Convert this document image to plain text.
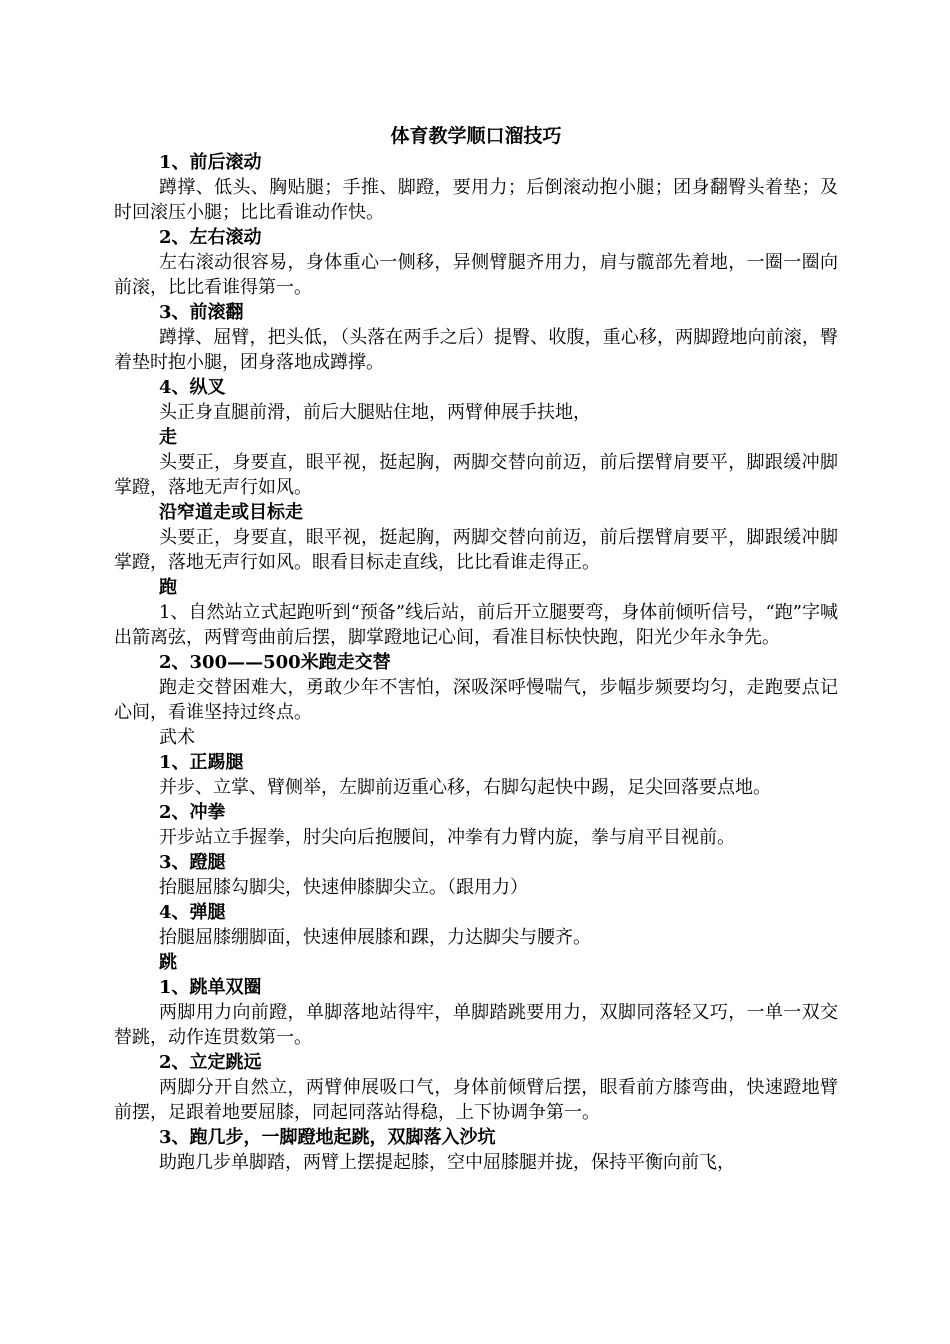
体育教学顺口溜技巧
1、前后滚动

蹲撑、低头、胸贴腿；手推、脚蹬，要用力；后倒滚动抱小腿；团身翻臀头着垫；及时回滚压小腿；比比看谁动作快。

2、左右滚动

左右滚动很容易，身体重心一侧移，异侧臂腿齐用力，肩与髋部先着地，一圈一圈向前滚，比比看谁得第一。

3、前滚翻

蹲撑、屈臂，把头低，（头落在两手之后）提臀、收腹，重心移，两脚蹬地向前滚，臀着垫时抱小腿，团身落地成蹲撑。

4、纵叉

头正身直腿前滑，前后大腿贴住地，两臂伸展手扶地，

走

头要正，身要直，眼平视，挺起胸，两脚交替向前迈，前后摆臂肩要平，脚跟缓冲脚掌蹬，落地无声行如风。

沿窄道走或目标走

头要正，身要直，眼平视，挺起胸，两脚交替向前迈，前后摆臂肩要平，脚跟缓冲脚掌蹬，落地无声行如风。眼看目标走直线，比比看谁走得正。

跑

1、自然站立式起跑听到“预备”线后站，前后开立腿要弯，身体前倾听信号，“跑”字喊出箭离弦，两臂弯曲前后摆，脚掌蹬地记心间，看准目标快快跑，阳光少年永争先。

2、300——500米跑走交替

跑走交替困难大，勇敢少年不害怕，深吸深呼慢喘气，步幅步频要均匀，走跑要点记心间，看谁坚持过终点。

武术
1、正踢腿

并步、立掌、臂侧举，左脚前迈重心移，右脚勾起快中踢，足尖回落要点地。

2、冲拳

开步站立手握拳，肘尖向后抱腰间，冲拳有力臂内旋，拳与肩平目视前。

3、蹬腿

抬腿屈膝勾脚尖，快速伸膝脚尖立。（跟用力）

4、弹腿

抬腿屈膝绷脚面，快速伸展膝和踝，力达脚尖与腰齐。

跳
1、跳单双圈

两脚用力向前蹬，单脚落地站得牢，单脚踏跳要用力，双脚同落轻又巧，一单一双交替跳，动作连贯数第一。

2、立定跳远

两脚分开自然立，两臂伸展吸口气，身体前倾臂后摆，眼看前方膝弯曲，快速蹬地臂前摆，足跟着地要屈膝，同起同落站得稳，上下协调争第一。

3、跑几步，一脚蹬地起跳，双脚落入沙坑

助跑几步单脚踏，两臂上摆提起膝，空中屈膝腿并拢，保持平衡向前飞，
